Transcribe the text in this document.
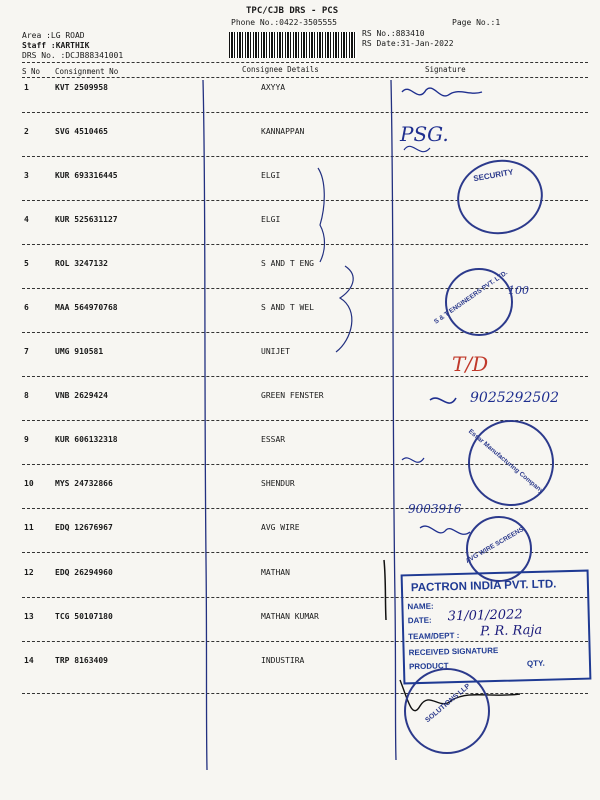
TPC/CJB DRS - PCS
Phone No.:0422-3505555	Page No.:1
Area :LG ROAD
Staff :KARTHIK
DRS No. :DCJB88341001
RS No.:883410
RS Date:31-Jan-2022
S No Consignment No	Consignee Details	Signature
1	KVT 2509958	AXYYA
2	SVG 4510465	KANNAPPAN
3	KUR 693316445	ELGI
4	KUR 525631127	ELGI
5	ROL 3247132	S AND T ENG
6	MAA 564970768	S AND T WEL
7	UMG 910581	UNIJET
8	VNB 2629424	GREEN FENSTER
9	KUR 606132318	ESSAR
10	MYS 24732866	SHENDUR
11	EDQ 12676967	AVG WIRE
12	EDQ 26294960	MATHAN
13	TCG 50107180	MATHAN KUMAR
14	TRP 8163409	INDUSTIRA
PSG.
T/D
9025292502
9003916
100
SECURITY
S & T ENGINEERS PVT. LTD.
Essar Manufacturing Company
AVG WIRE SCREENS
SOLUTIONS LLP
PACTRON INDIA PVT. LTD.
NAME:
DATE: 31/01/2022
TEAM/DEPT : P. R. Raja
RECEIVED SIGNATURE
PRODUCT	QTY.
